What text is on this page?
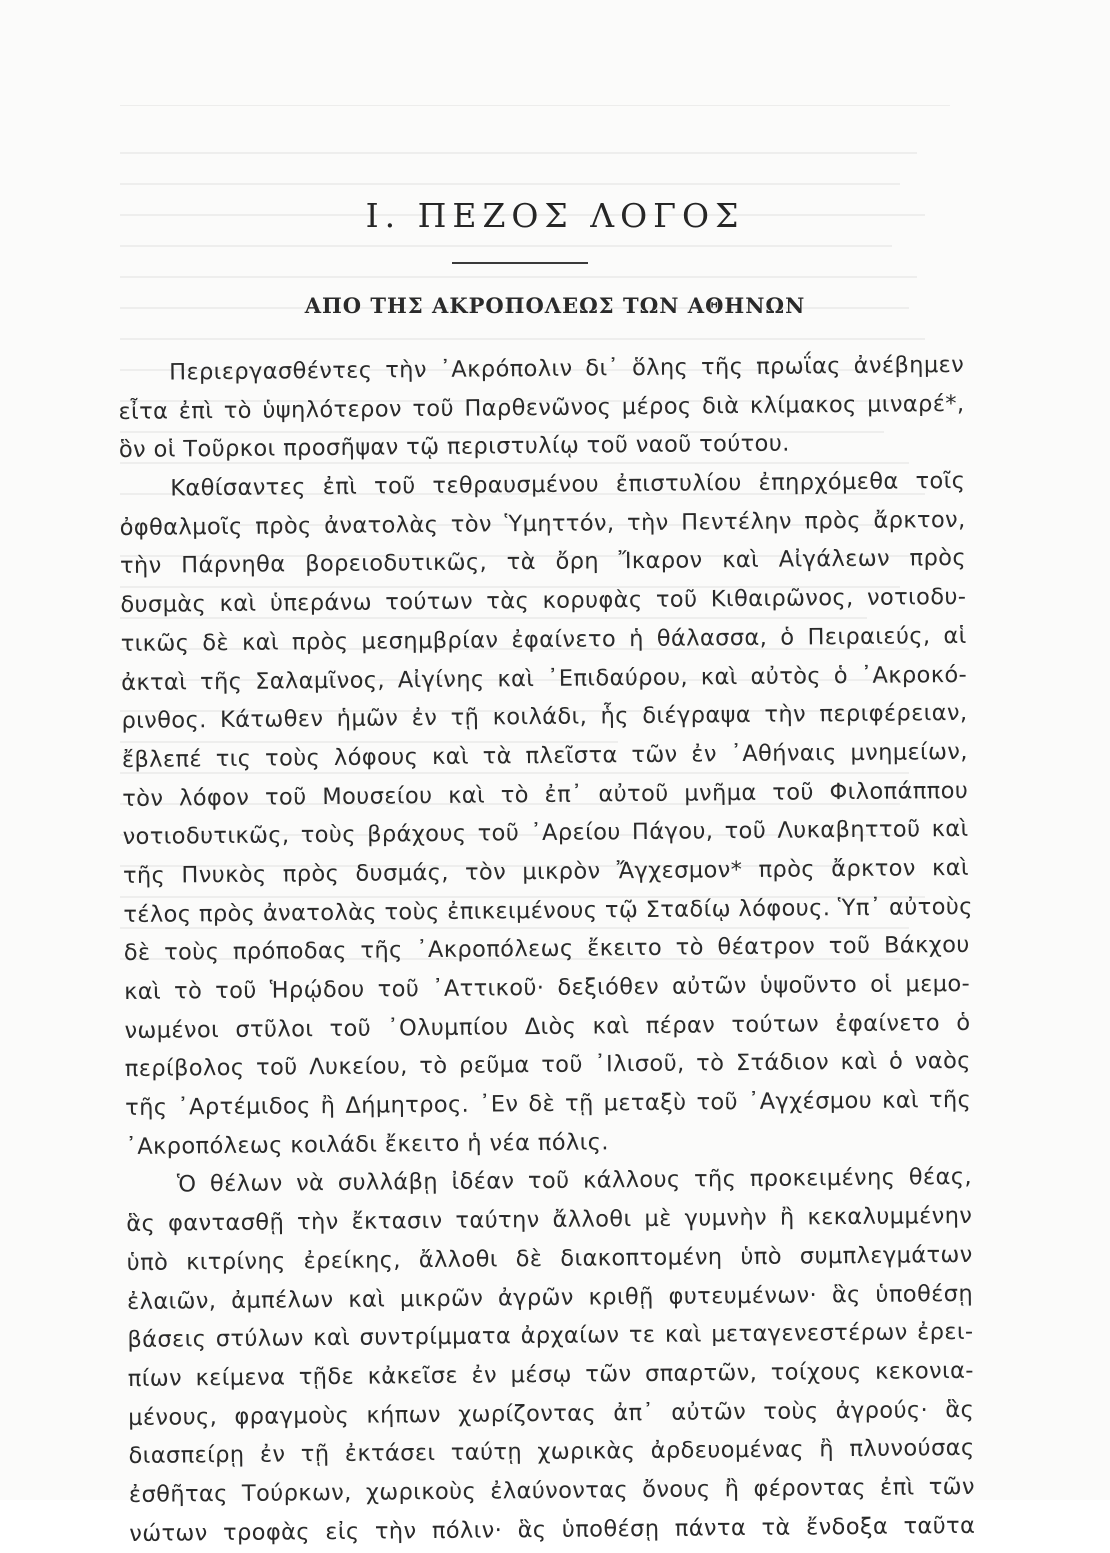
Ι. ΠΕΖΟΣ ΛΟΓΟΣ
ΑΠΟ ΤΗΣ ΑΚΡΟΠΟΛΕΩΣ ΤΩΝ ΑΘΗΝΩΝ
Περιεργασθέντες τὴν ᾿Ακρόπολιν δι᾿ ὅλης τῆς πρωΐας ἀνέβημεν
εἶτα ἐπὶ τὸ ὑψηλότερον τοῦ Παρθενῶνος μέρος διὰ κλίμακος μιναρέ*,
ὃν οἱ Τοῦρκοι προσῆψαν τῷ περιστυλίῳ τοῦ ναοῦ τούτου.
Καθίσαντες ἐπὶ τοῦ τεθραυσμένου ἐπιστυλίου ἐπηρχόμεθα τοῖς
ὀφθαλμοῖς πρὸς ἀνατολὰς τὸν Ὑμηττόν, τὴν Πεντέλην πρὸς ἄρκτον,
τὴν Πάρνηθα βορειοδυτικῶς, τὰ ὄρη Ἴκαρον καὶ Αἰγάλεων πρὸς
δυσμὰς καὶ ὑπεράνω τούτων τὰς κορυφὰς τοῦ Κιθαιρῶνος, νοτιοδυ-
τικῶς δὲ καὶ πρὸς μεσημβρίαν ἐφαίνετο ἡ θάλασσα, ὁ Πειραιεύς, αἱ
ἀκταὶ τῆς Σαλαμῖνος, Αἰγίνης καὶ ᾿Επιδαύρου, καὶ αὐτὸς ὁ ᾿Ακροκό-
ρινθος. Κάτωθεν ἡμῶν ἐν τῇ κοιλάδι, ἧς διέγραψα τὴν περιφέρειαν,
ἔβλεπέ τις τοὺς λόφους καὶ τὰ πλεῖστα τῶν ἐν ᾿Αθήναις μνημείων,
τὸν λόφον τοῦ Μουσείου καὶ τὸ ἐπ᾿ αὐτοῦ μνῆμα τοῦ Φιλοπάππου
νοτιοδυτικῶς, τοὺς βράχους τοῦ ᾿Αρείου Πάγου, τοῦ Λυκαβηττοῦ καὶ
τῆς Πνυκὸς πρὸς δυσμάς, τὸν μικρὸν Ἄγχεσμον* πρὸς ἄρκτον καὶ
τέλος πρὸς ἀνατολὰς τοὺς ἐπικειμένους τῷ Σταδίῳ λόφους. Ὑπ᾿ αὐτοὺς
δὲ τοὺς πρόποδας τῆς ᾿Ακροπόλεως ἔκειτο τὸ θέατρον τοῦ Βάκχου
καὶ τὸ τοῦ Ἡρῴδου τοῦ ᾿Αττικοῦ· δεξιόθεν αὐτῶν ὑψοῦντο οἱ μεμο-
νωμένοι στῦλοι τοῦ ᾿Ολυμπίου Διὸς καὶ πέραν τούτων ἐφαίνετο ὁ
περίβολος τοῦ Λυκείου, τὸ ρεῦμα τοῦ ᾿Ιλισοῦ, τὸ Στάδιον καὶ ὁ ναὸς
τῆς ᾿Αρτέμιδος ἢ Δήμητρος. ᾿Εν δὲ τῇ μεταξὺ τοῦ ᾿Αγχέσμου καὶ τῆς
᾿Ακροπόλεως κοιλάδι ἔκειτο ἡ νέα πόλις.
Ὁ θέλων νὰ συλλάβῃ ἰδέαν τοῦ κάλλους τῆς προκειμένης θέας,
ἃς φαντασθῇ τὴν ἔκτασιν ταύτην ἄλλοθι μὲ γυμνὴν ἢ κεκαλυμμένην
ὑπὸ κιτρίνης ἐρείκης, ἄλλοθι δὲ διακοπτομένη ὑπὸ συμπλεγμάτων
ἐλαιῶν, ἀμπέλων καὶ μικρῶν ἀγρῶν κριθῇ φυτευμένων· ἃς ὑποθέσῃ
βάσεις στύλων καὶ συντρίμματα ἀρχαίων τε καὶ μεταγενεστέρων ἐρει-
πίων κείμενα τῇδε κἀκεῖσε ἐν μέσῳ τῶν σπαρτῶν, τοίχους κεκονια-
μένους, φραγμοὺς κήπων χωρίζοντας ἀπ᾿ αὐτῶν τοὺς ἀγρούς· ἃς
διασπείρῃ ἐν τῇ ἐκτάσει ταύτῃ χωρικὰς ἀρδευομένας ἢ πλυνούσας
ἐσθῆτας Τούρκων, χωρικοὺς ἐλαύνοντας ὄνους ἢ φέροντας ἐπὶ τῶν
νώτων τροφὰς εἰς τὴν πόλιν· ἃς ὑποθέσῃ πάντα τὰ ἔνδοξα ταῦτα
